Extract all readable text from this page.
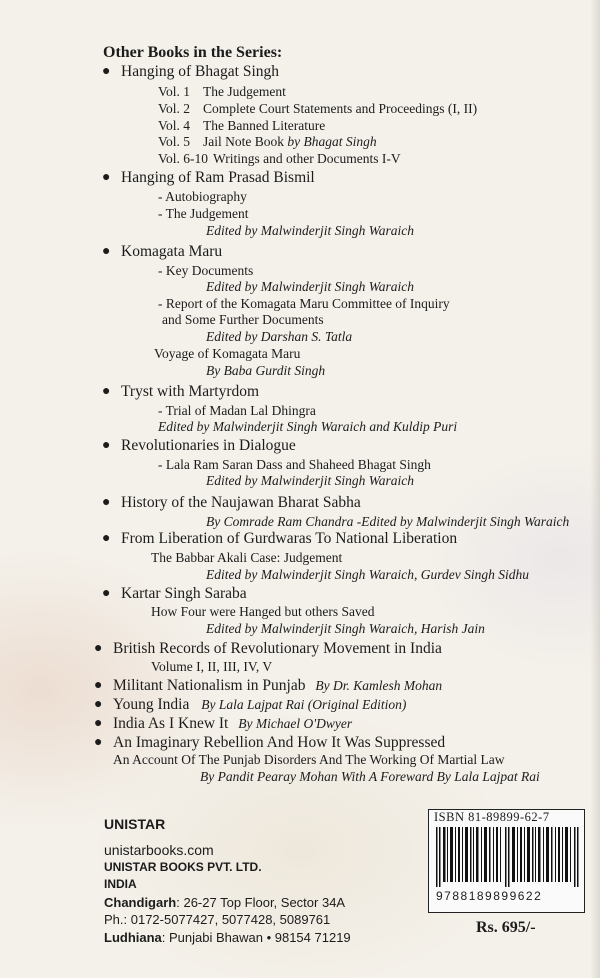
Other Books in the Series:
● Hanging of Bhagat Singh
Vol. 1 The Judgement
Vol. 2 Complete Court Statements and Proceedings (I, II)
Vol. 4 The Banned Literature
Vol. 5 Jail Note Book by Bhagat Singh
Vol. 6-10 Writings and other Documents I-V
● Hanging of Ram Prasad Bismil
- Autobiography
- The Judgement
Edited by Malwinderjit Singh Waraich
● Komagata Maru
- Key Documents
Edited by Malwinderjit Singh Waraich
- Report of the Komagata Maru Committee of Inquiry
and Some Further Documents
Edited by Darshan S. Tatla
Voyage of Komagata Maru
By Baba Gurdit Singh
● Tryst with Martyrdom
- Trial of Madan Lal Dhingra
Edited by Malwinderjit Singh Waraich and Kuldip Puri
● Revolutionaries in Dialogue
- Lala Ram Saran Dass and Shaheed Bhagat Singh
Edited by Malwinderjit Singh Waraich
● History of the Naujawan Bharat Sabha
By Comrade Ram Chandra -Edited by Malwinderjit Singh Waraich
● From Liberation of Gurdwaras To National Liberation
The Babbar Akali Case: Judgement
Edited by Malwinderjit Singh Waraich, Gurdev Singh Sidhu
● Kartar Singh Saraba
How Four were Hanged but others Saved
Edited by Malwinderjit Singh Waraich, Harish Jain
● British Records of Revolutionary Movement in India
Volume I, II, III, IV, V
● Militant Nationalism in Punjab By Dr. Kamlesh Mohan
● Young India By Lala Lajpat Rai (Original Edition)
● India As I Knew It By Michael O'Dwyer
● An Imaginary Rebellion And How It Was Suppressed
An Account Of The Punjab Disorders And The Working Of Martial Law
By Pandit Pearay Mohan With A Foreward By Lala Lajpat Rai
UNISTAR
unistarbooks.com
UNISTAR BOOKS PVT. LTD.
INDIA
Chandigarh: 26-27 Top Floor, Sector 34A
Ph.: 0172-5077427, 5077428, 5089761
Ludhiana: Punjabi Bhawan • 98154 71219
ISBN 81-89899-62-7
9788189899622
Rs. 695/-
